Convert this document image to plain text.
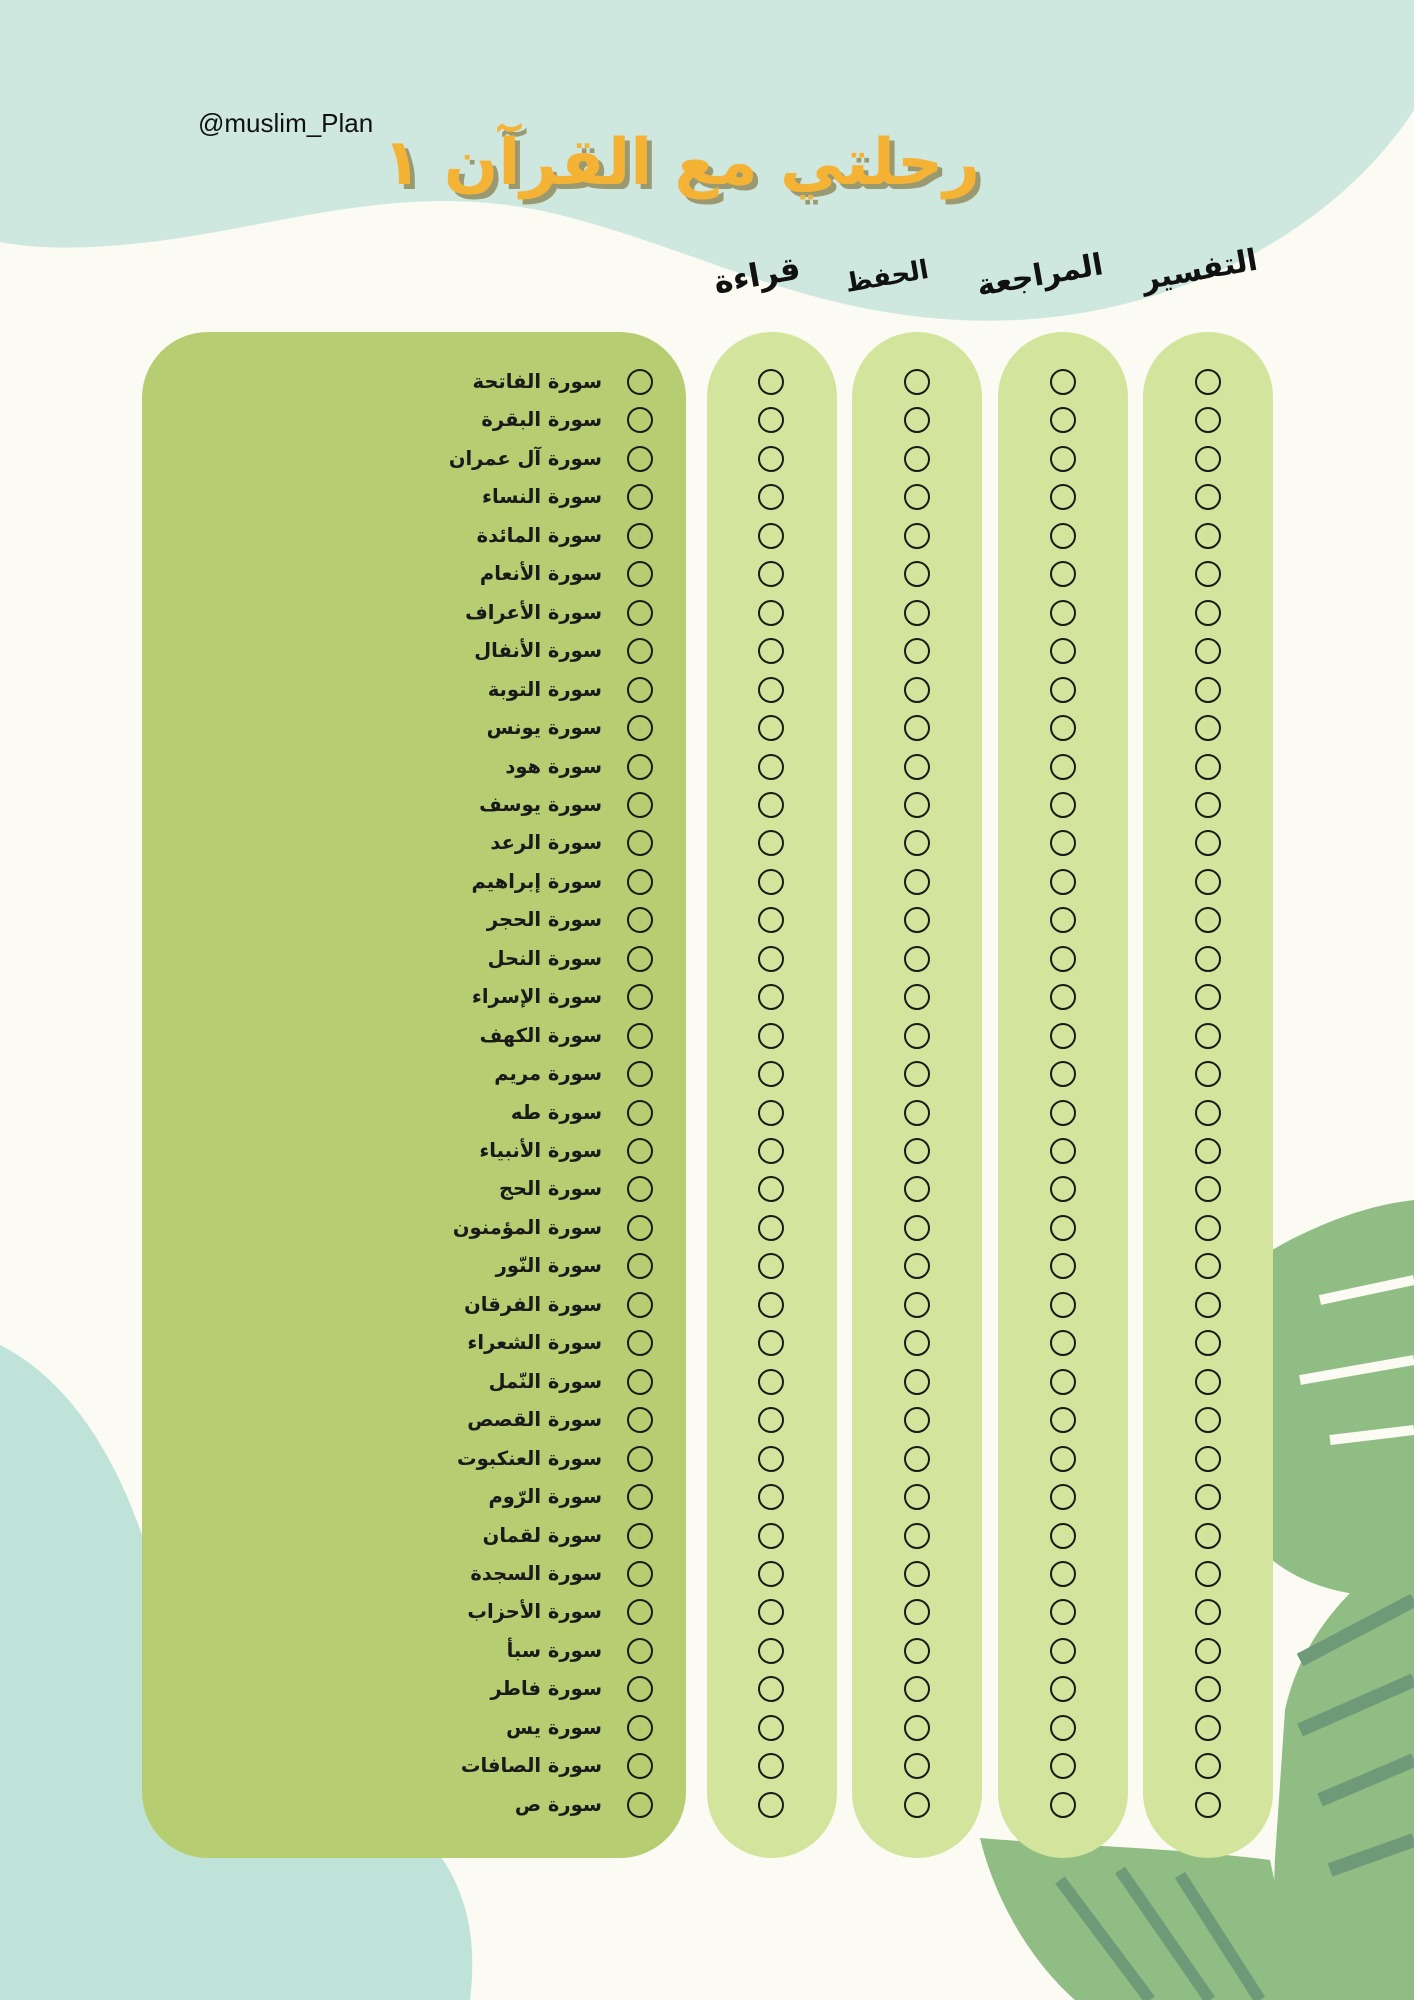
@muslim_Plan
رحلتي مع القرآن ١
التفسير
المراجعة
الحفظ
قراءة
سورة الفاتحة
سورة البقرة
سورة آل عمران
سورة النساء
سورة المائدة
سورة الأنعام
سورة الأعراف
سورة الأنفال
سورة التوبة
سورة يونس
سورة هود
سورة يوسف
سورة الرعد
سورة إبراهيم
سورة الحجر
سورة النحل
سورة الإسراء
سورة الكهف
سورة مريم
سورة طه
سورة الأنبياء
سورة الحج
سورة المؤمنون
سورة النّور
سورة الفرقان
سورة الشعراء
سورة النّمل
سورة القصص
سورة العنكبوت
سورة الرّوم
سورة لقمان
سورة السجدة
سورة الأحزاب
سورة سبأ
سورة فاطر
سورة يس
سورة الصافات
سورة ص
